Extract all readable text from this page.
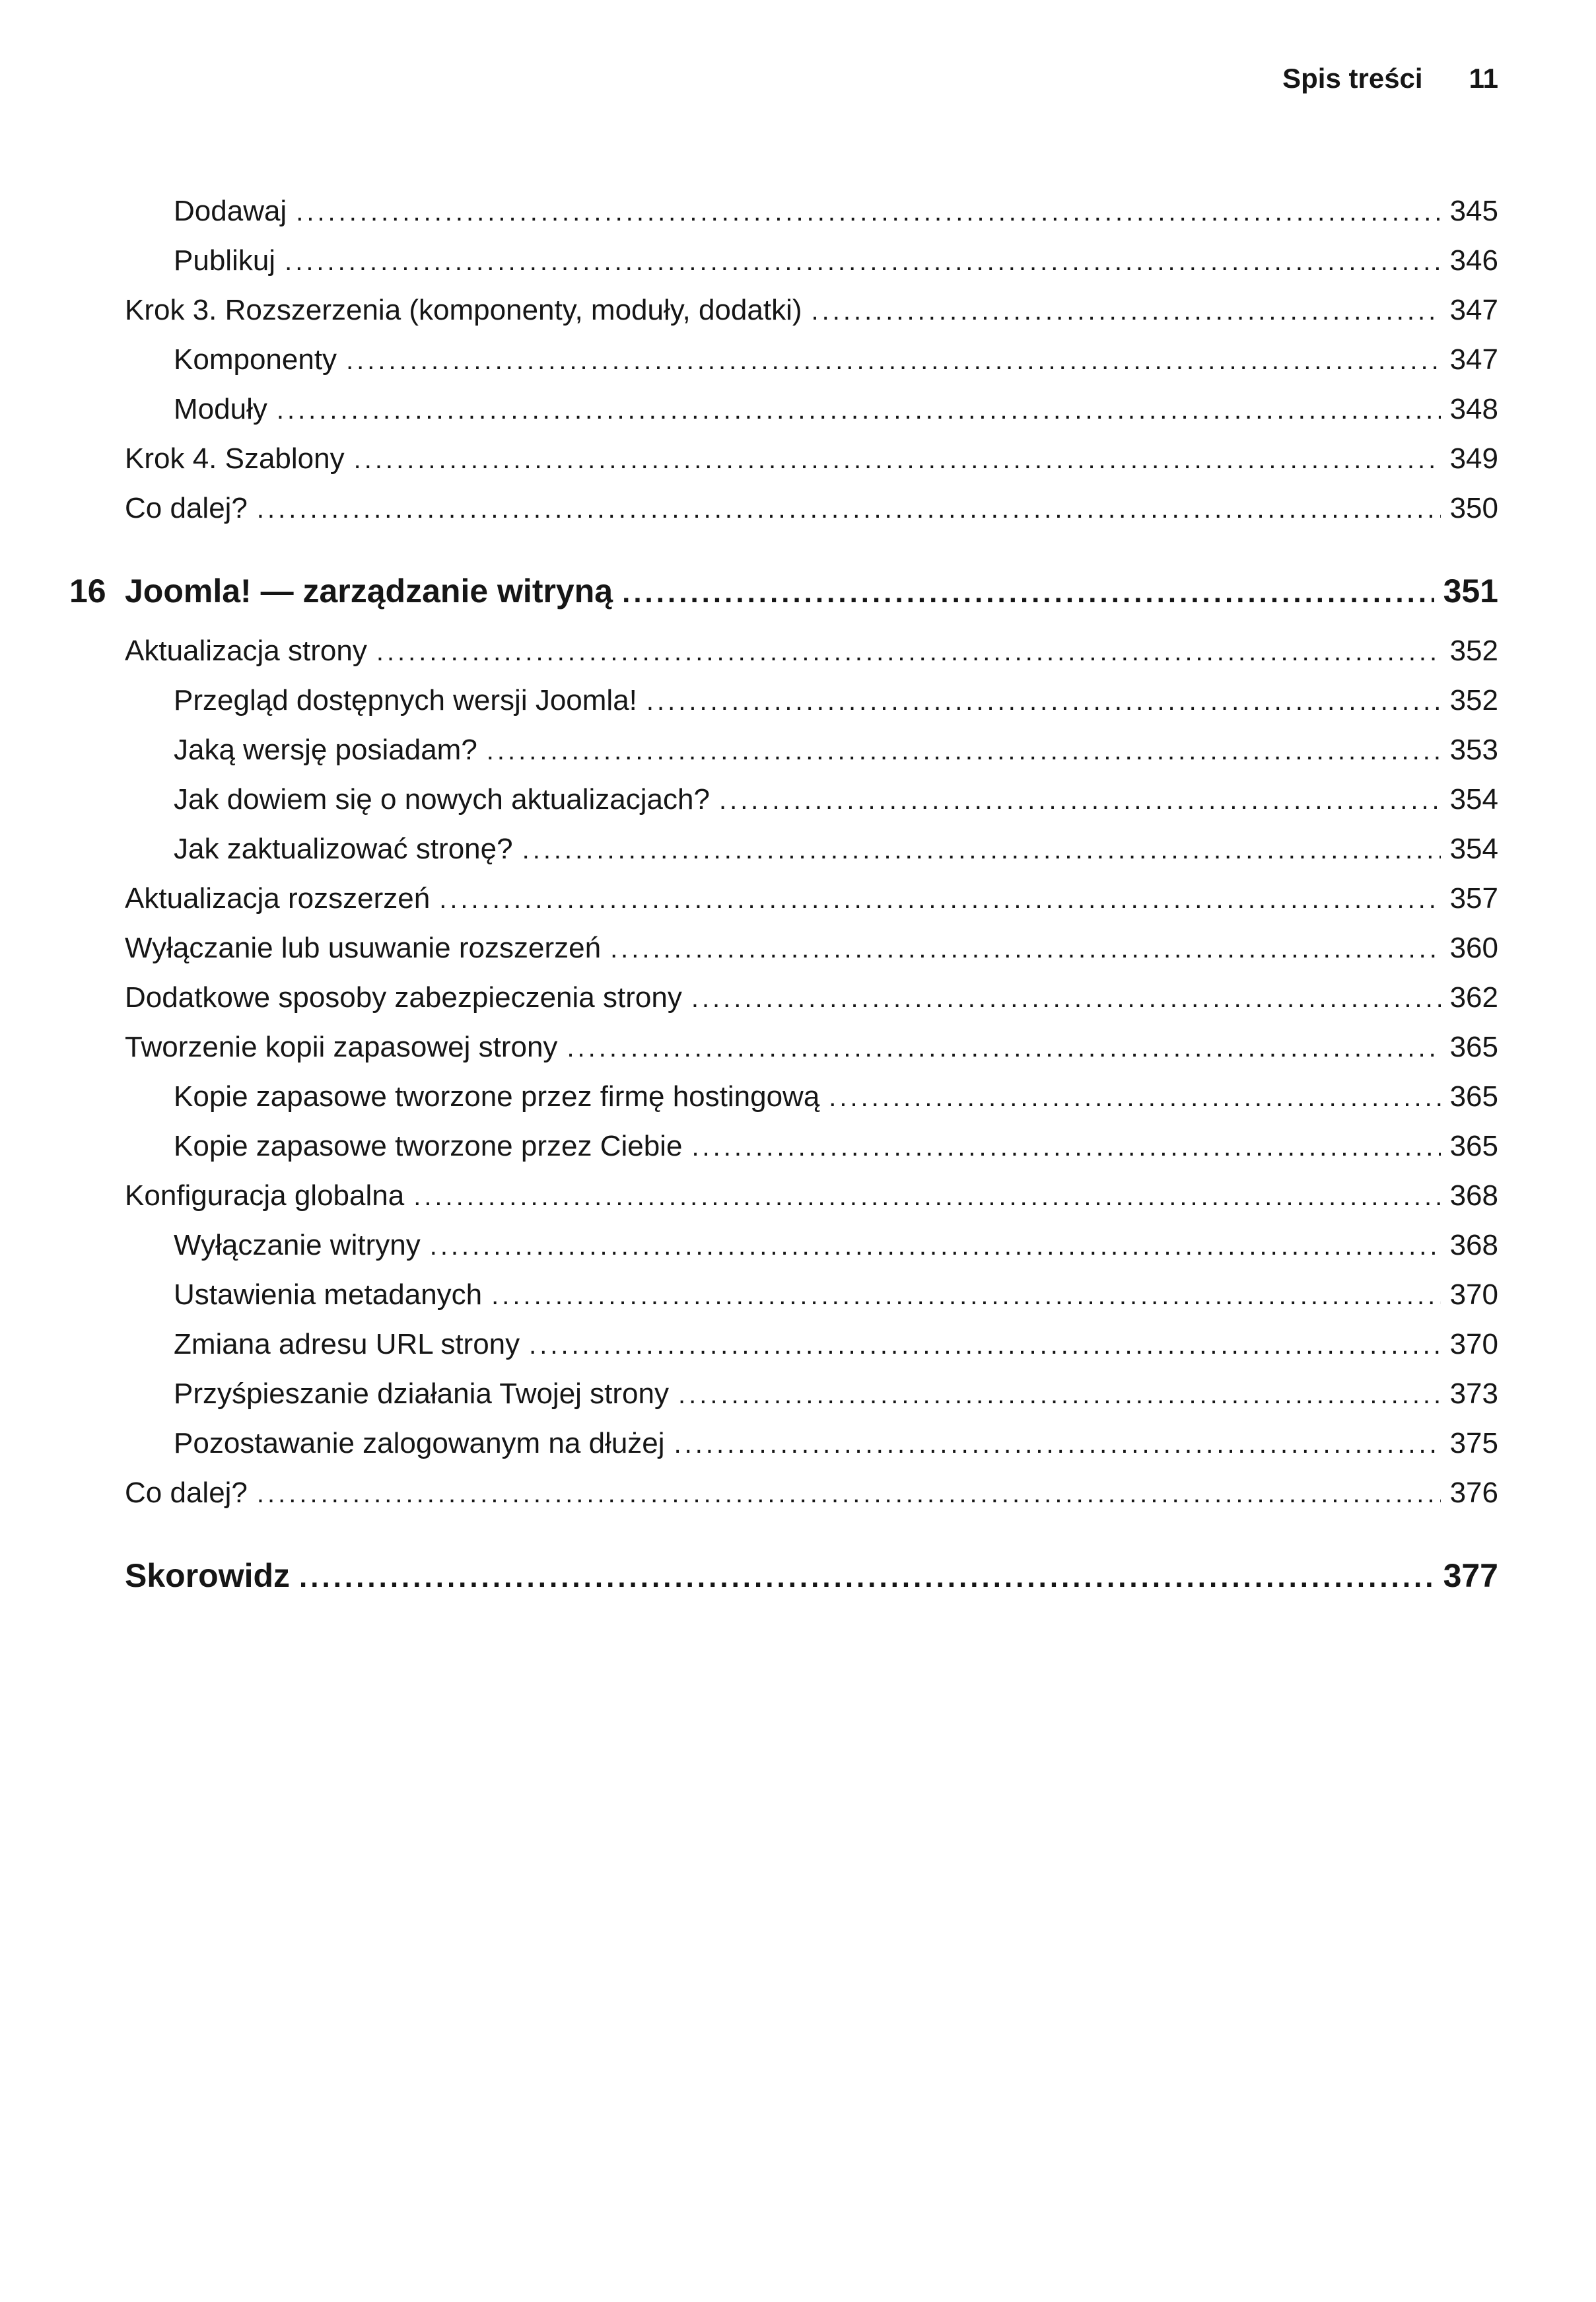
Spis treści 11
Dodawaj .....	345
Publikuj .....	346
Krok 3. Rozszerzenia (komponenty, moduły, dodatki) .....	347
Komponenty .....	347
Moduły .....	348
Krok 4. Szablony .....	349
Co dalej? .....	350
16 Joomla! — zarządzanie witryną .....	351
Aktualizacja strony .....	352
Przegląd dostępnych wersji Joomla! .....	352
Jaką wersję posiadam? .....	353
Jak dowiem się o nowych aktualizacjach? .....	354
Jak zaktualizować stronę? .....	354
Aktualizacja rozszerzeń .....	357
Wyłączanie lub usuwanie rozszerzeń .....	360
Dodatkowe sposoby zabezpieczenia strony .....	362
Tworzenie kopii zapasowej strony .....	365
Kopie zapasowe tworzone przez firmę hostingową .....	365
Kopie zapasowe tworzone przez Ciebie .....	365
Konfiguracja globalna .....	368
Wyłączanie witryny .....	368
Ustawienia metadanych .....	370
Zmiana adresu URL strony .....	370
Przyśpieszanie działania Twojej strony .....	373
Pozostawanie zalogowanym na dłużej .....	375
Co dalej? .....	376
Skorowidz .....	377
